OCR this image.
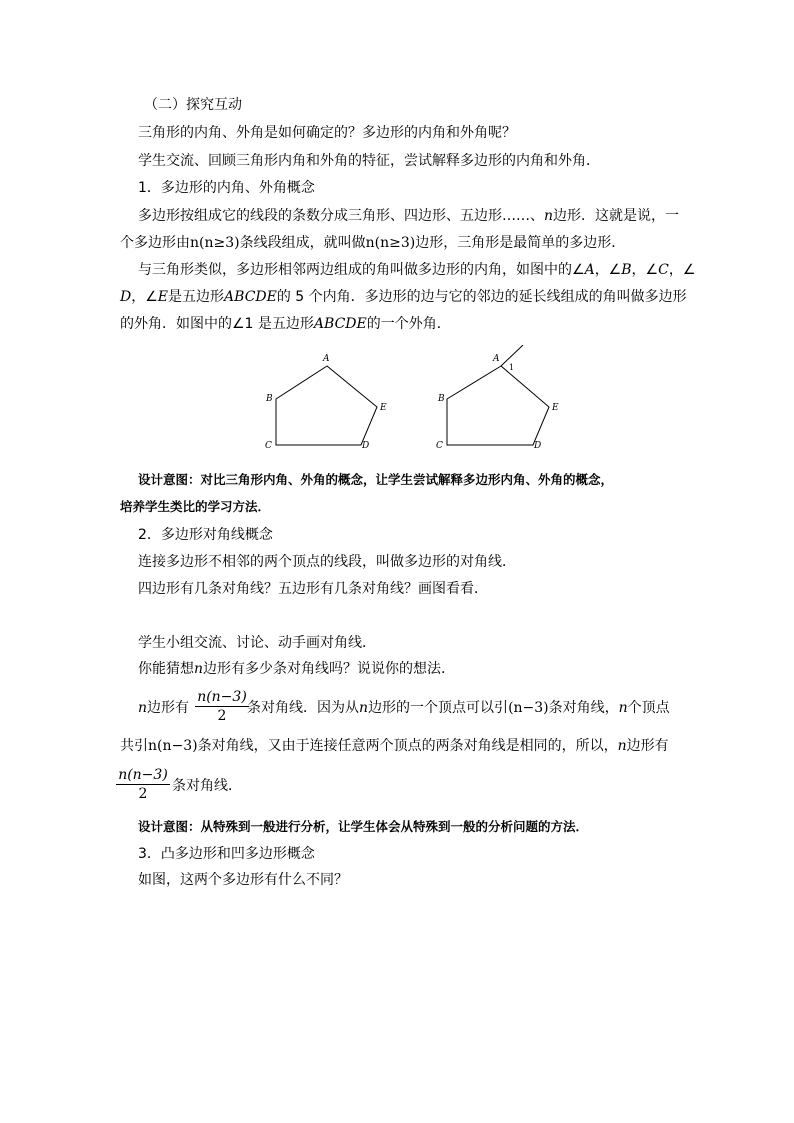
（二）探究互动
三角形的内角、外角是如何确定的？多边形的内角和外角呢？
学生交流、回顾三角形内角和外角的特征，尝试解释多边形的内角和外角．
1．多边形的内角、外角概念
多边形按组成它的线段的条数分成三角形、四边形、五边形……、n边形．这就是说，一
个多边形由n(n≥3)条线段组成，就叫做n(n≥3)边形，三角形是最简单的多边形．
与三角形类似，多边形相邻两边组成的角叫做多边形的内角，如图中的∠A，∠B，∠C，∠
D，∠E是五边形ABCDE的 5 个内角．多边形的边与它的邻边的延长线组成的角叫做多边形
的外角．如图中的∠1 是五边形ABCDE的一个外角．
A
B
C	D
E
A
1
B
C	D
E
设计意图：对比三角形内角、外角的概念，让学生尝试解释多边形内角、外角的概念，
培养学生类比的学习方法．
2．多边形对角线概念
连接多边形不相邻的两个顶点的线段，叫做多边形的对角线．
四边形有几条对角线？五边形有几条对角线？画图看看．
学生小组交流、讨论、动手画对角线．
你能猜想n边形有多少条对角线吗？说说你的想法．
n边形有	条对角线．因为从n边形的一个顶点可以引(n−3)条对角线，n个顶点
$\frac{n(n-3)}{2}$
共引n(n−3)条对角线，又由于连接任意两个顶点的两条对角线是相同的，所以，n边形有
$\frac{n(n-3)}{2}$ 条对角线．
设计意图：从特殊到一般进行分析，让学生体会从特殊到一般的分析问题的方法．
3．凸多边形和凹多边形概念
如图，这两个多边形有什么不同？
